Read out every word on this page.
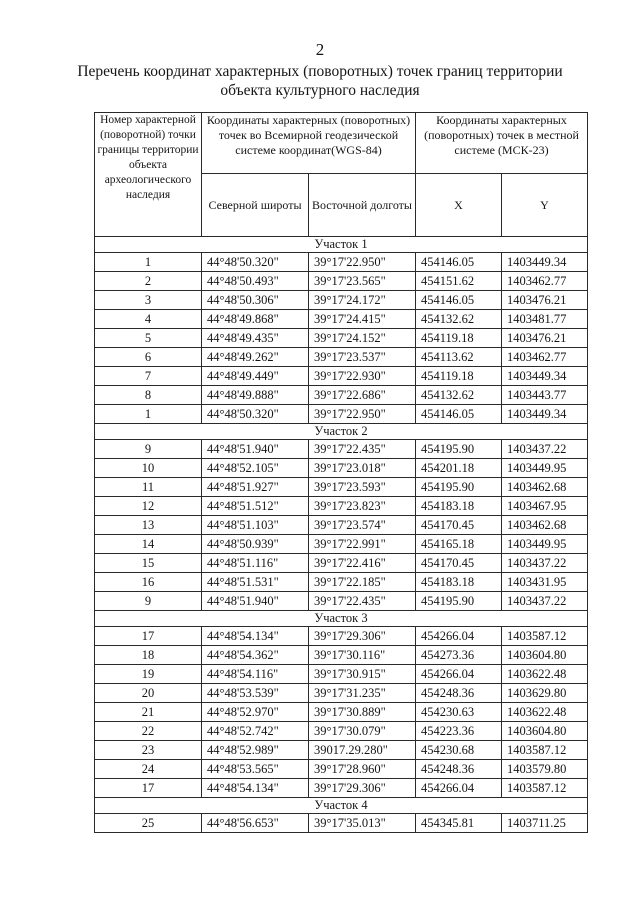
2
Перечень координат характерных (поворотных) точек границ территории
объекта культурного наследия
Номер характерной (поворотной) точки границы территории объекта археологического наследия	Координаты характерных (поворотных) точек во Всемирной геодезической системе координат(WGS-84)		Координаты характерных (поворотных) точек в местной системе (МСК-23)	
	Северной широты	Восточной долготы	X	Y
Участок 1				
1	44°48'50.320"	39°17'22.950"	454146.05	1403449.34
2	44°48'50.493"	39°17'23.565"	454151.62	1403462.77
3	44°48'50.306"	39°17'24.172"	454146.05	1403476.21
4	44°48'49.868"	39°17'24.415"	454132.62	1403481.77
5	44°48'49.435"	39°17'24.152"	454119.18	1403476.21
6	44°48'49.262"	39°17'23.537"	454113.62	1403462.77
7	44°48'49.449"	39°17'22.930"	454119.18	1403449.34
8	44°48'49.888"	39°17'22.686"	454132.62	1403443.77
1	44°48'50.320"	39°17'22.950"	454146.05	1403449.34
Участок 2				
9	44°48'51.940"	39°17'22.435"	454195.90	1403437.22
10	44°48'52.105"	39°17'23.018"	454201.18	1403449.95
11	44°48'51.927"	39°17'23.593"	454195.90	1403462.68
12	44°48'51.512"	39°17'23.823"	454183.18	1403467.95
13	44°48'51.103"	39°17'23.574"	454170.45	1403462.68
14	44°48'50.939"	39°17'22.991"	454165.18	1403449.95
15	44°48'51.116"	39°17'22.416"	454170.45	1403437.22
16	44°48'51.531"	39°17'22.185"	454183.18	1403431.95
9	44°48'51.940"	39°17'22.435"	454195.90	1403437.22
Участок 3				
17	44°48'54.134"	39°17'29.306"	454266.04	1403587.12
18	44°48'54.362"	39°17'30.116"	454273.36	1403604.80
19	44°48'54.116"	39°17'30.915"	454266.04	1403622.48
20	44°48'53.539"	39°17'31.235"	454248.36	1403629.80
21	44°48'52.970"	39°17'30.889"	454230.63	1403622.48
22	44°48'52.742"	39°17'30.079"	454223.36	1403604.80
23	44°48'52.989"	39017.29.280"	454230.68	1403587.12
24	44°48'53.565"	39°17'28.960"	454248.36	1403579.80
17	44°48'54.134"	39°17'29.306"	454266.04	1403587.12
Участок 4				
25	44°48'56.653"	39°17'35.013"	454345.81	1403711.25
